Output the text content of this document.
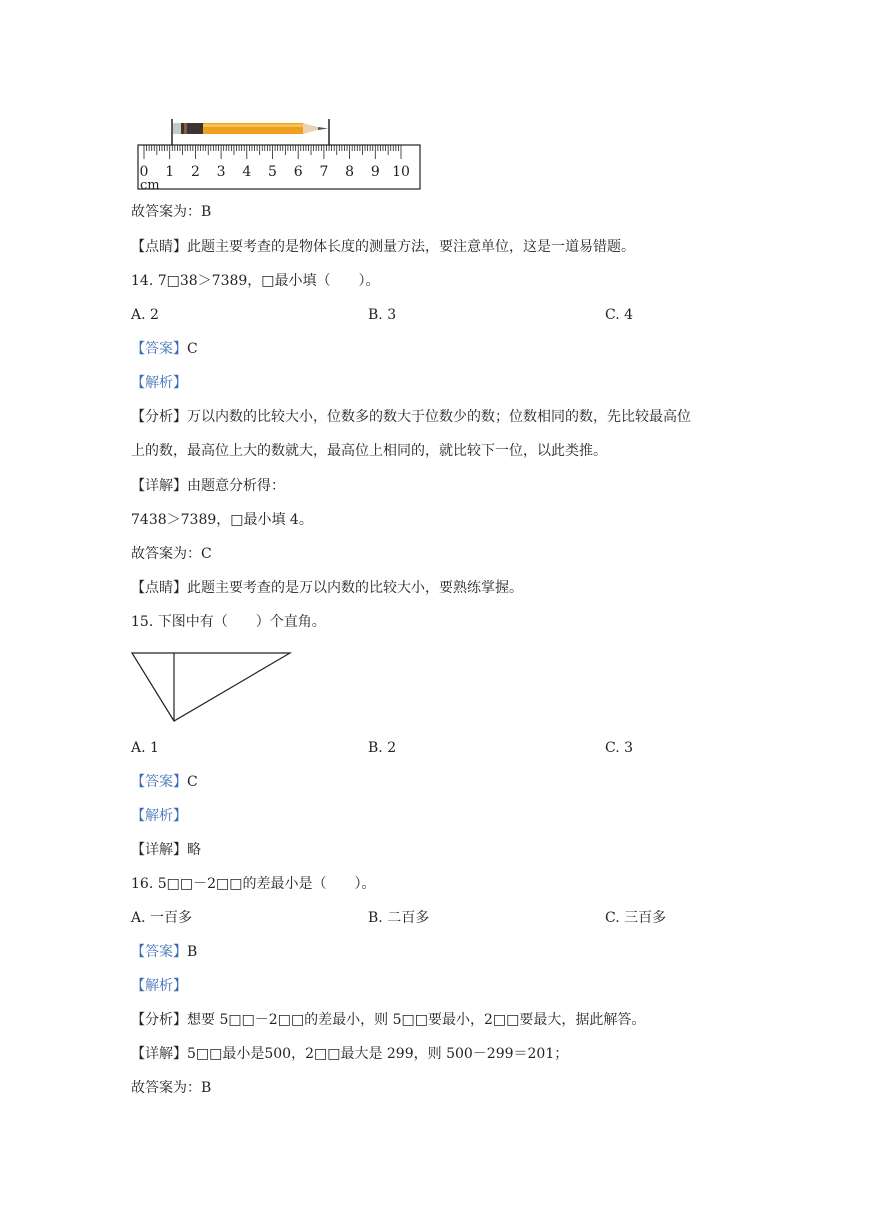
0 1 2 3 4 5 6 7 8 9 10
cm
故答案为：B
【点睛】此题主要考查的是物体长度的测量方法，要注意单位，这是一道易错题。
14. 7□38＞7389，□最小填（　　）。
A. 2	B. 3	C. 4
【答案】C
【解析】
【分析】万以内数的比较大小，位数多的数大于位数少的数；位数相同的数，先比较最高位
上的数，最高位上大的数就大，最高位上相同的，就比较下一位，以此类推。
【详解】由题意分析得：
7438＞7389，□最小填 4。
故答案为：C
【点睛】此题主要考查的是万以内数的比较大小，要熟练掌握。
15. 下图中有（　　）个直角。
A. 1	B. 2	C. 3
【答案】C
【解析】
【详解】略
16. 5□□－2□□的差最小是（　　）。
A. 一百多	B. 二百多	C. 三百多
【答案】B
【解析】
【分析】想要 5□□－2□□的差最小，则 5□□要最小，2□□要最大，据此解答。
【详解】5□□最小是500，2□□最大是 299，则 500－299＝201；
故答案为：B
